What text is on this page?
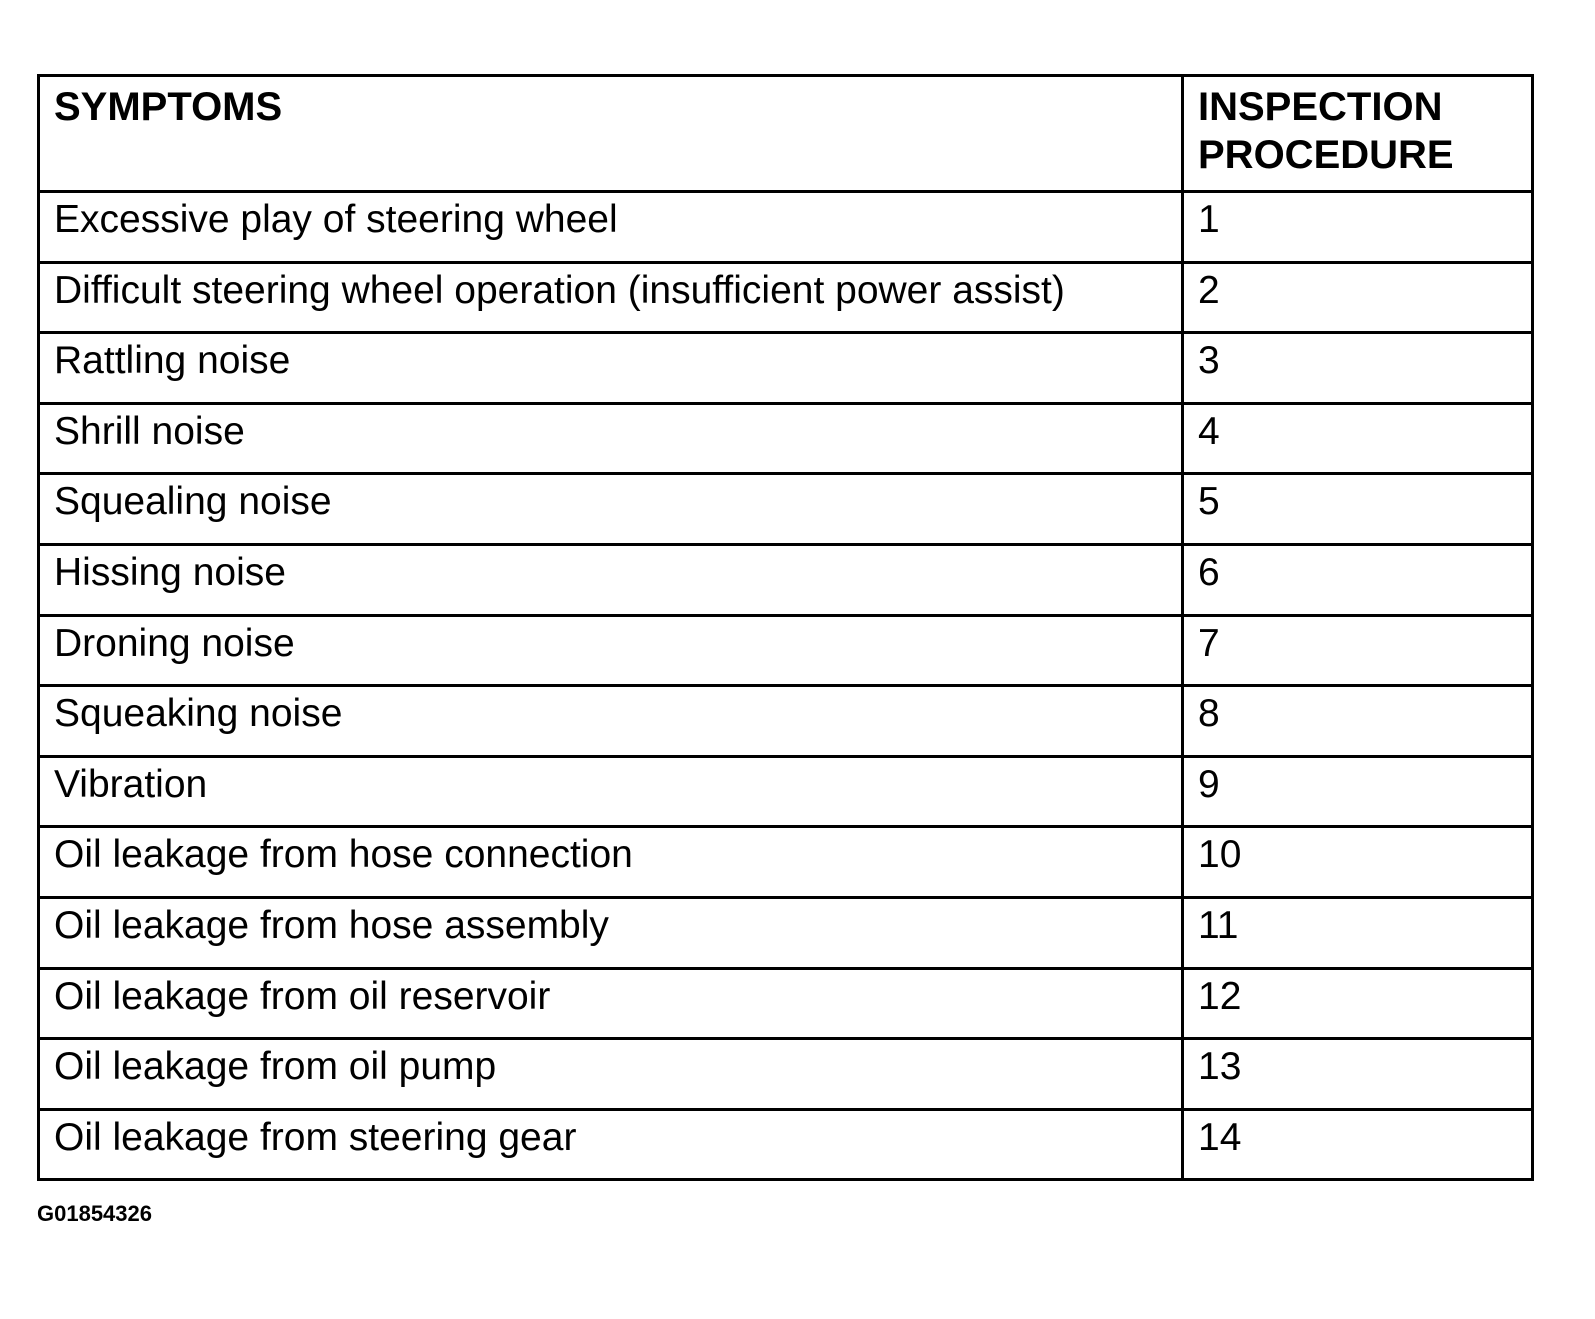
SYMPTOMS	INSPECTION PROCEDURE
Excessive play of steering wheel	1
Difficult steering wheel operation (insufficient power assist)	2
Rattling noise	3
Shrill noise	4
Squealing noise	5
Hissing noise	6
Droning noise	7
Squeaking noise	8
Vibration	9
Oil leakage from hose connection	10
Oil leakage from hose assembly	11
Oil leakage from oil reservoir	12
Oil leakage from oil pump	13
Oil leakage from steering gear	14
G01854326
